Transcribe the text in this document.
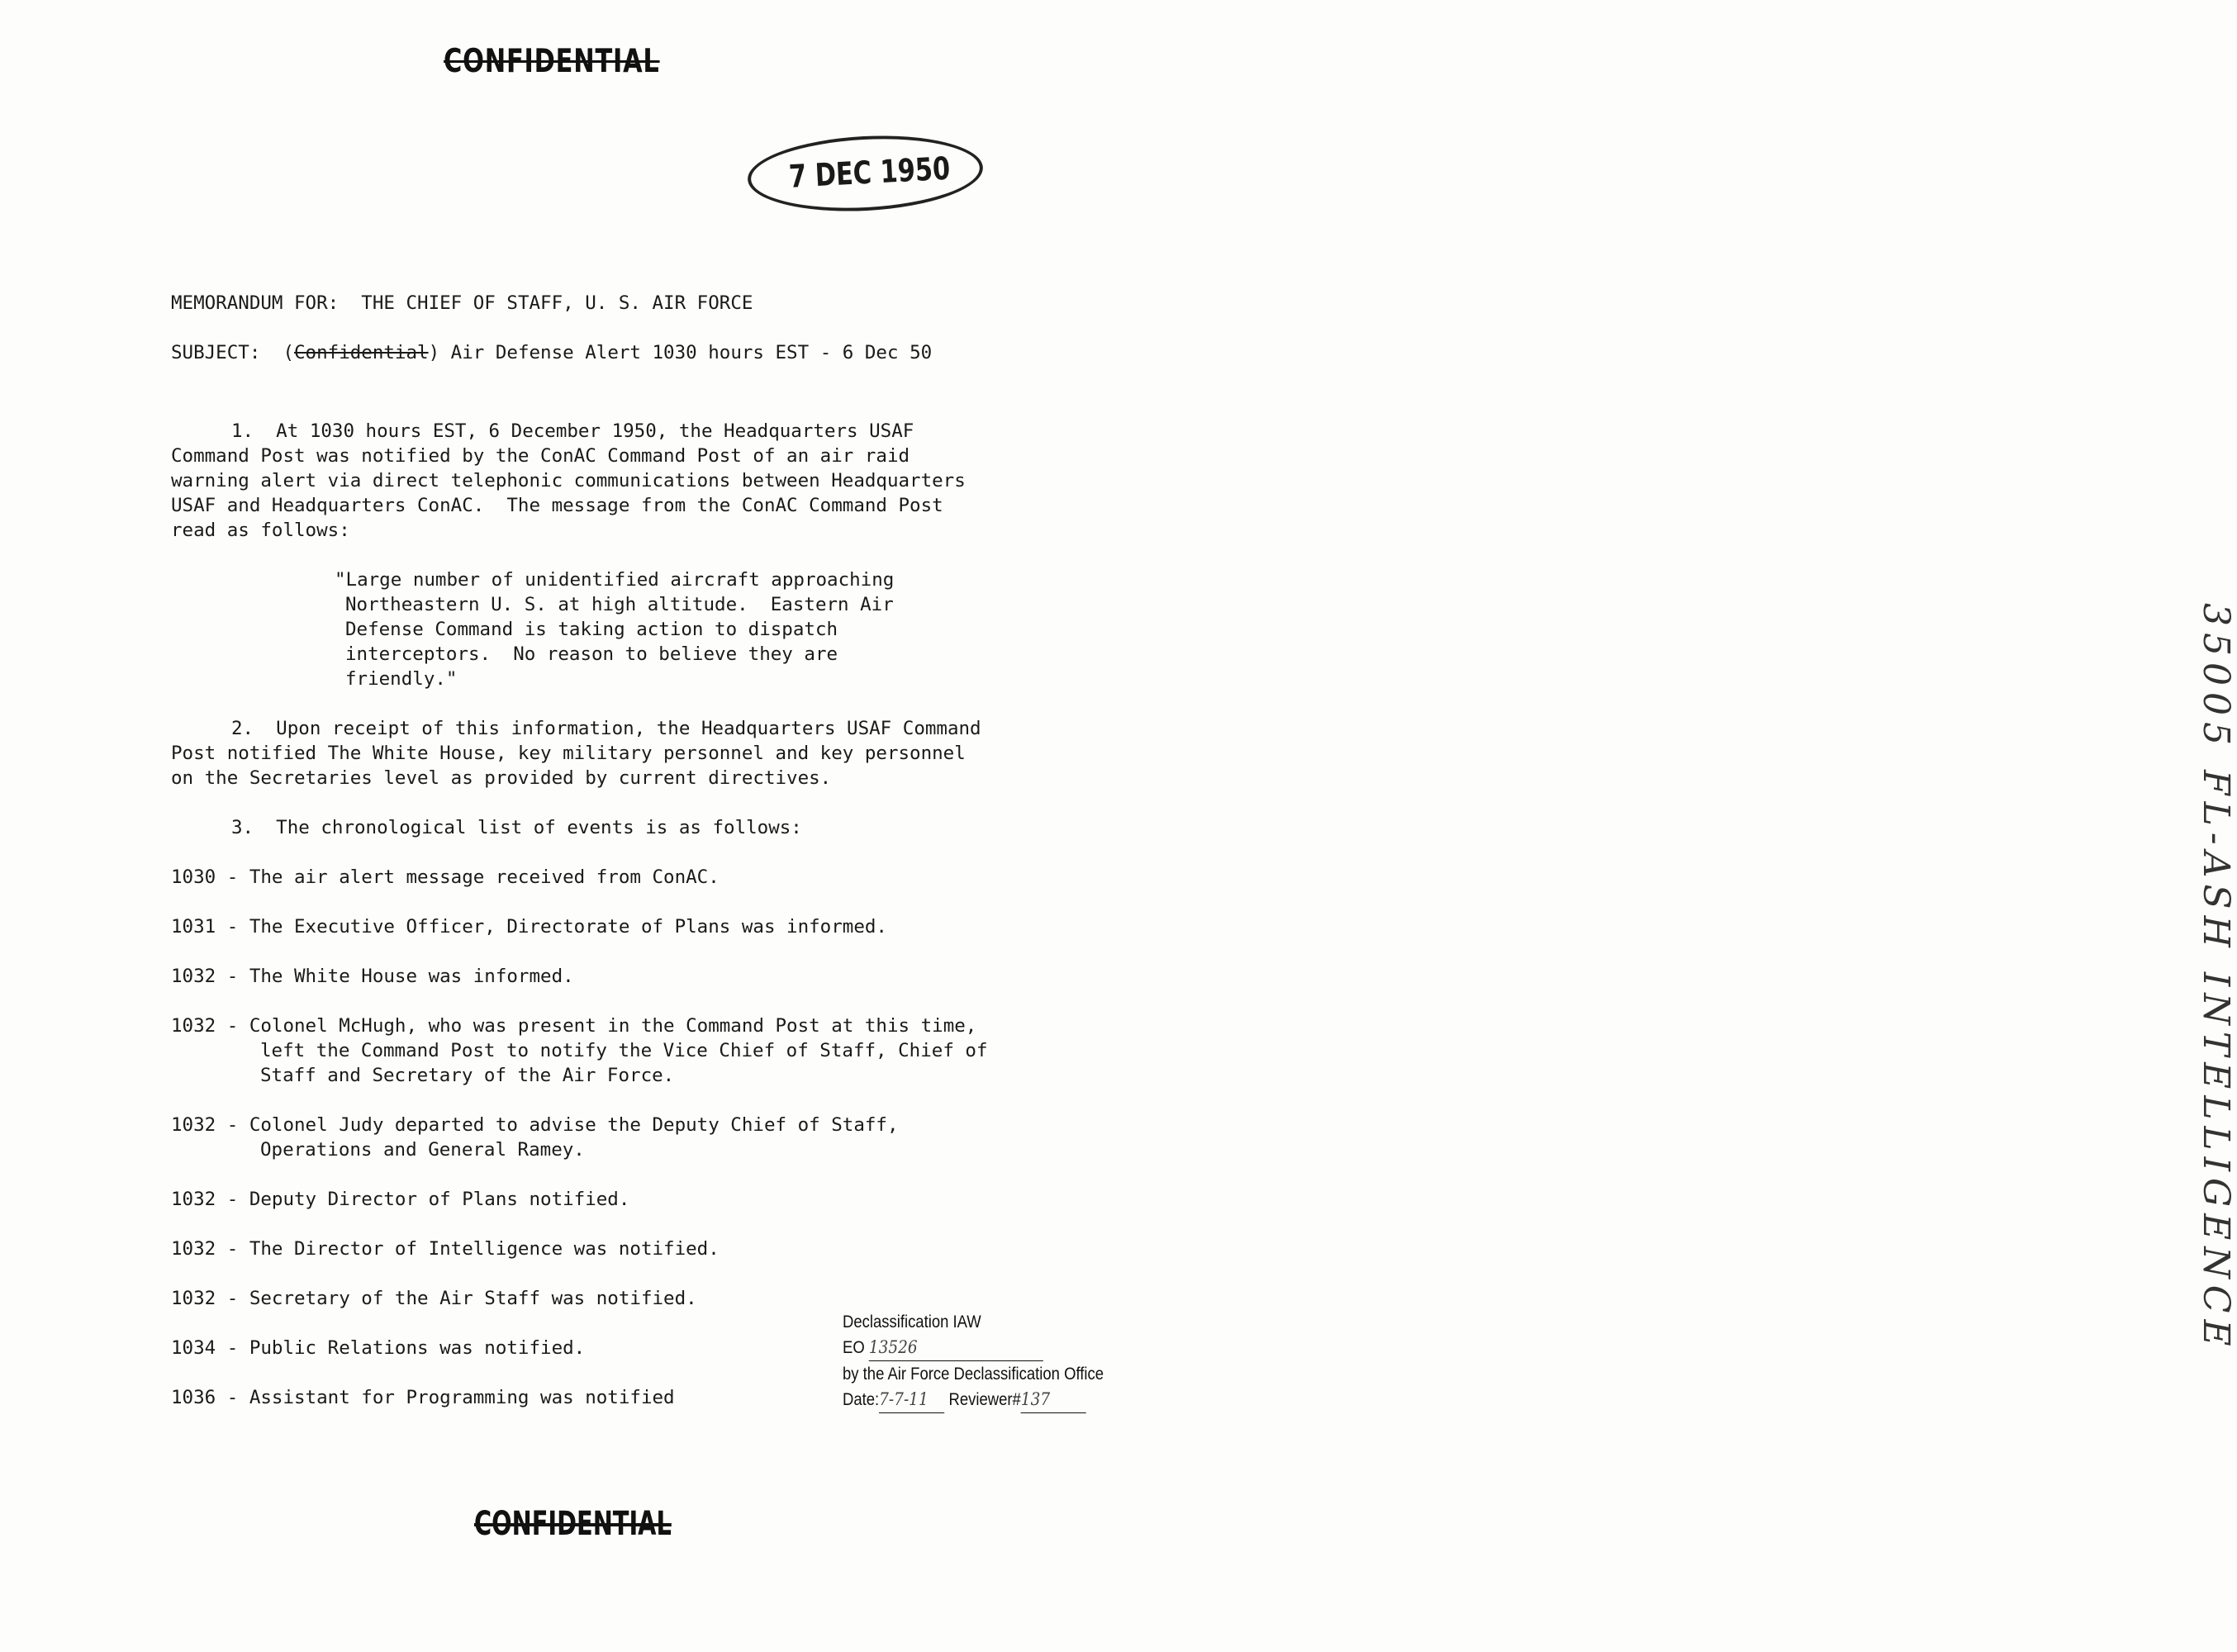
CONFIDENTIAL
7 DEC 1950
35005 FL-ASH INTELLIGENCE
MEMORANDUM FOR: THE CHIEF OF STAFF, U. S. AIR FORCE
SUBJECT:  (Confidential) Air Defense Alert 1030 hours EST - 6 Dec 50
1.  At 1030 hours EST, 6 December 1950, the Headquarters USAF
Command Post was notified by the ConAC Command Post of an air raid
warning alert via direct telephonic communications between Headquarters
USAF and Headquarters ConAC.  The message from the ConAC Command Post
read as follows:
"Large number of unidentified aircraft approaching
Northeastern U. S. at high altitude.  Eastern Air
Defense Command is taking action to dispatch
interceptors.  No reason to believe they are
friendly."
2.  Upon receipt of this information, the Headquarters USAF Command
Post notified The White House, key military personnel and key personnel
on the Secretaries level as provided by current directives.
3.  The chronological list of events is as follows:
1030 - The air alert message received from ConAC.
1031 - The Executive Officer, Directorate of Plans was informed.
1032 - The White House was informed.
1032 - Colonel McHugh, who was present in the Command Post at this time,
left the Command Post to notify the Vice Chief of Staff, Chief of
Staff and Secretary of the Air Force.
1032 - Colonel Judy departed to advise the Deputy Chief of Staff,
Operations and General Ramey.
1032 - Deputy Director of Plans notified.
1032 - The Director of Intelligence was notified.
1032 - Secretary of the Air Staff was notified.
1034 - Public Relations was notified.
1036 - Assistant for Programming was notified
Declassification IAW
EO 13526
by the Air Force Declassification Office
Date:7-7-11 Reviewer#137
CONFIDENTIAL
